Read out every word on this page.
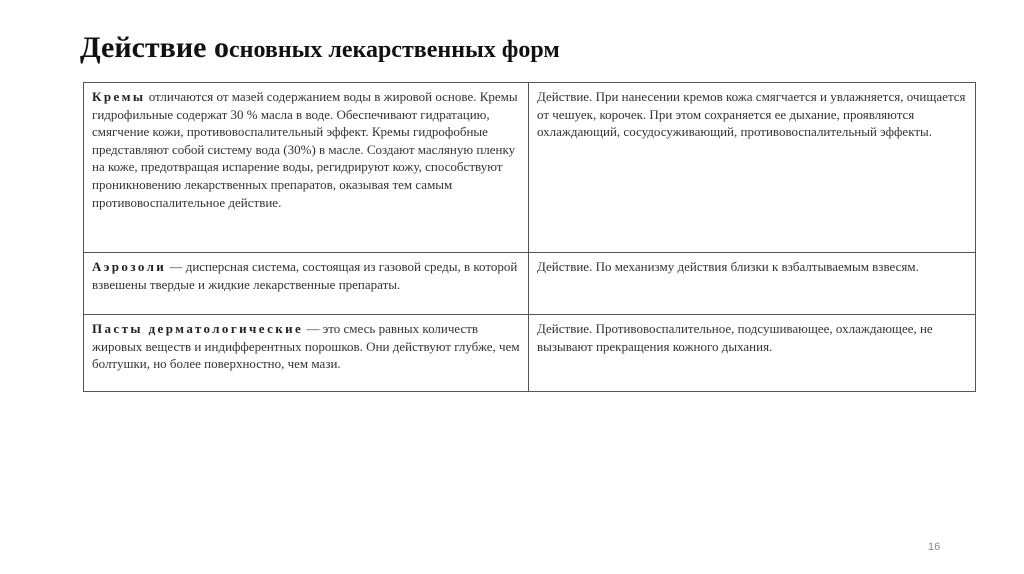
Действие основных лекарственных форм
Кремы отличаются от мазей содержанием воды в жировой основе. Кремы гидрофильные содержат 30 % масла в воде. Обеспечивают гидратацию, смягчение кожи, противовоспалительный эффект. Кремы гидрофобные представляют собой систему вода (30%) в масле. Создают масляную пленку на коже, предотвращая испарение воды, регидрируют кожу, способствуют проникновению лекарственных препаратов, оказывая тем самым противовоспалительное действие.	Действие. При нанесении кремов кожа смягчается и увлажняется, очищается от чешуек, корочек. При этом сохраняется ее дыхание, проявляются охлаждающий, сосудосуживающий, противовоспалительный эффекты.
Аэрозоли — дисперсная система, состоящая из газовой среды, в которой взвешены твердые и жидкие лекарственные препараты.	Действие. По механизму действия близки к взбалтываемым взвесям.
Пасты дерматологические — это смесь равных количеств жировых веществ и индифферентных порошков. Они действуют глубже, чем болтушки, но более поверхностно, чем мази.	Действие. Противовоспалительное, подсушивающее, охлаждающее, не вызывают прекращения кожного дыхания.
16
